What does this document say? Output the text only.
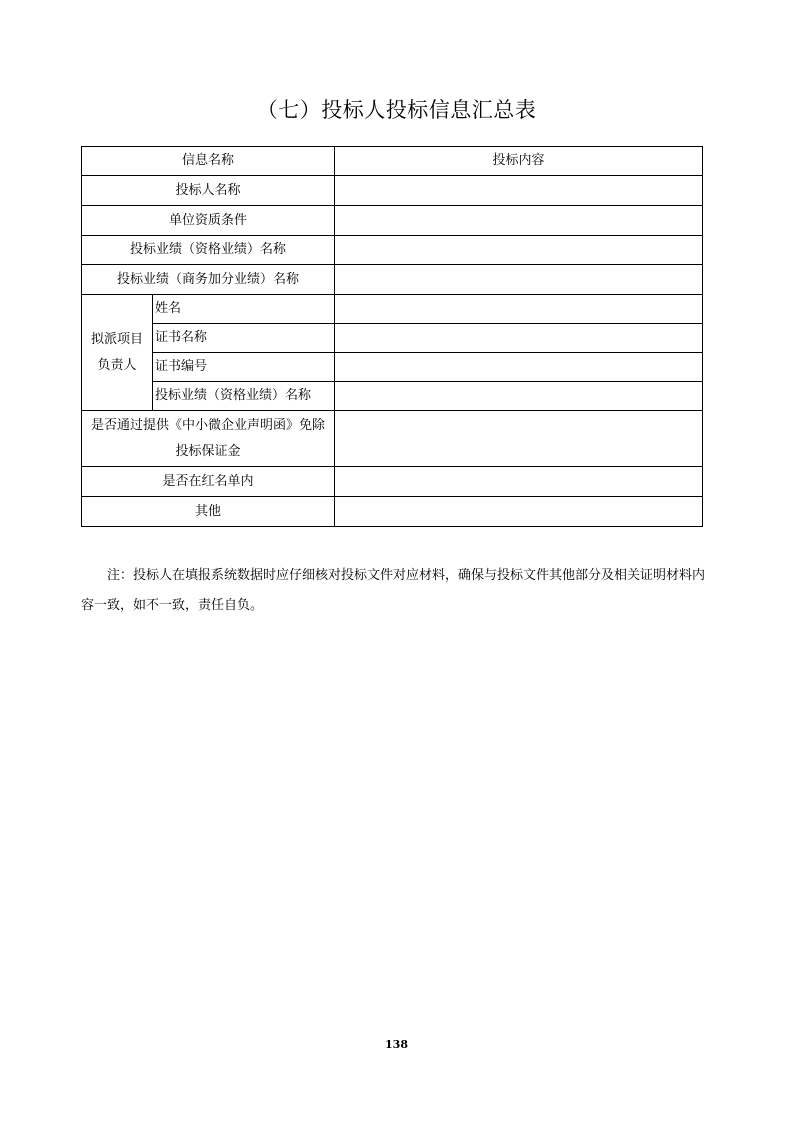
（七）投标人投标信息汇总表
信息名称		投标内容
投标人名称		
单位资质条件		
投标业绩（资格业绩）名称		
投标业绩（商务加分业绩）名称		
拟派项目
负责人	姓名	
	证书名称	
	证书编号	
	投标业绩（资格业绩）名称	
是否通过提供《中小微企业声明函》免除
投标保证金		
是否在红名单内		
其他		
注：投标人在填报系统数据时应仔细核对投标文件对应材料，确保与投标文件其他部分及相关证明材料内容一致，如不一致，责任自负。
138
